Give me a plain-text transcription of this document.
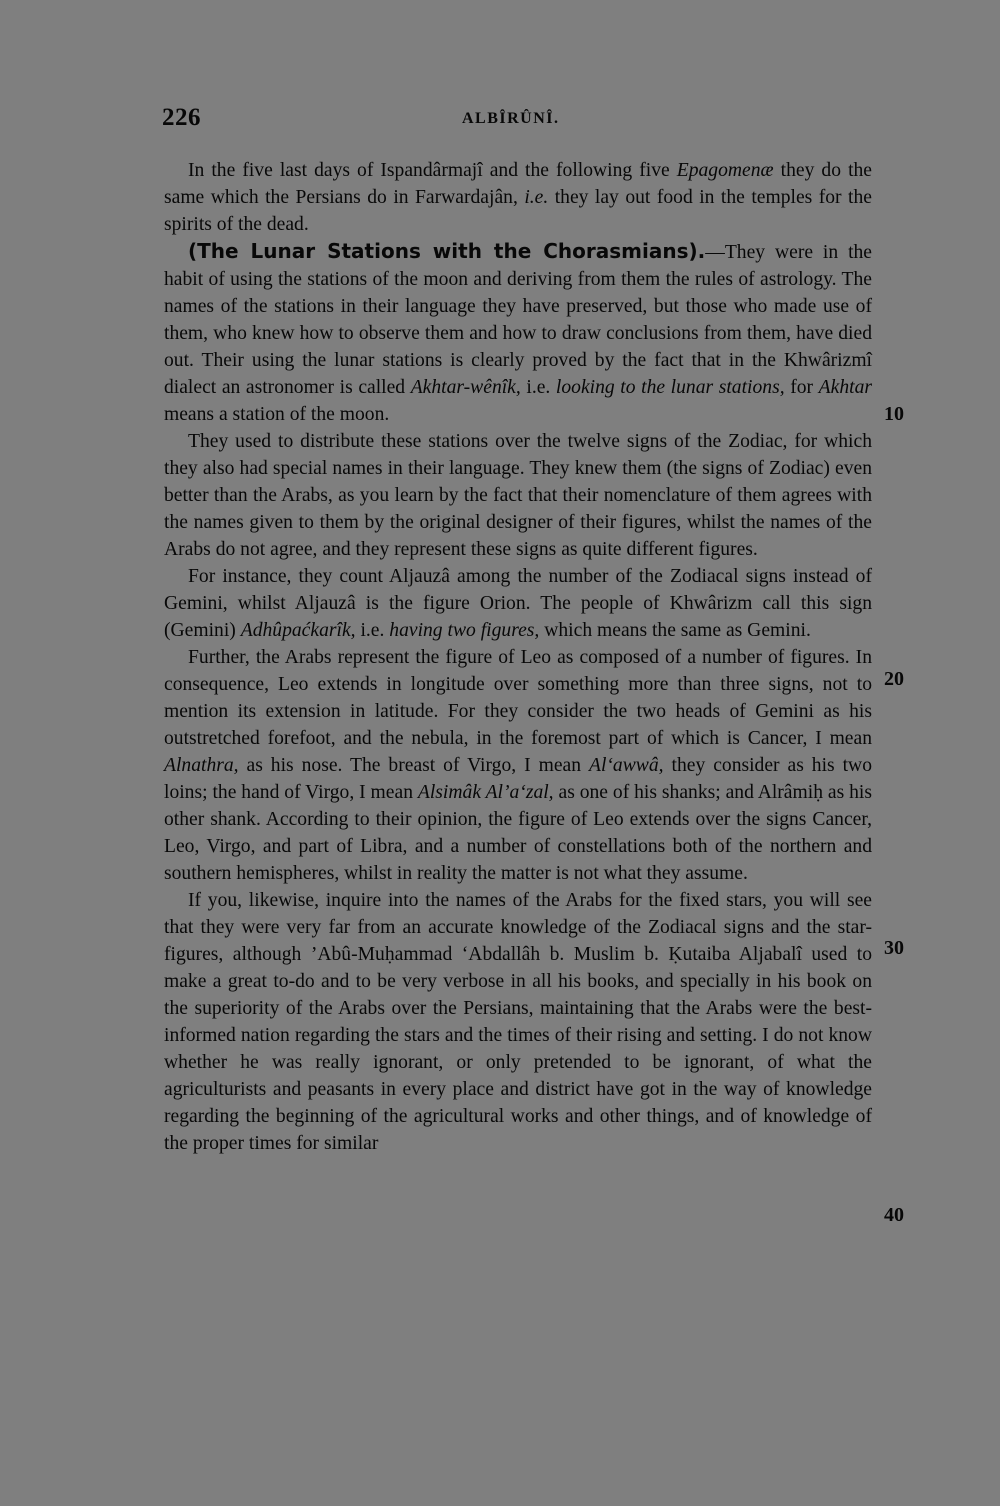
226	ALBÎRÛNÎ.

In the five last days of Ispandârmajî and the following five Epagomenæ they do the same which the Persians do in Farwardajân, i.e. they lay out food in the temples for the spirits of the dead.

(The Lunar Stations with the Chorasmians).—They were in the habit of using the stations of the moon and deriving from them the rules of astrology. The names of the stations in their language they have preserved, but those who made use of them, who knew how to observe them and how to draw conclusions from them, have died out. Their using the lunar stations is clearly proved by the fact that in the Khwârizmî dialect an astronomer is called Akhtar-wênîk, i.e. looking to the lunar stations, for Akhtar means a station of the moon.

They used to distribute these stations over the twelve signs of the Zodiac, for which they also had special names in their language. They knew them (the signs of Zodiac) even better than the Arabs, as you learn by the fact that their nomenclature of them agrees with the names given to them by the original designer of their figures, whilst the names of the Arabs do not agree, and they represent these signs as quite different figures.

For instance, they count Aljauzâ among the number of the Zodiacal signs instead of Gemini, whilst Aljauzâ is the figure Orion. The people of Khwârizm call this sign (Gemini) Adhûpaćkarîk, i.e. having two figures, which means the same as Gemini.

Further, the Arabs represent the figure of Leo as composed of a number of figures. In consequence, Leo extends in longitude over something more than three signs, not to mention its extension in latitude. For they consider the two heads of Gemini as his outstretched forefoot, and the nebula, in the foremost part of which is Cancer, I mean Alnathra, as his nose. The breast of Virgo, I mean Al‘awwâ, they consider as his two loins; the hand of Virgo, I mean Alsimâk Al’a‘zal, as one of his shanks; and Alrâmiḥ as his other shank. According to their opinion, the figure of Leo extends over the signs Cancer, Leo, Virgo, and part of Libra, and a number of constellations both of the northern and southern hemispheres, whilst in reality the matter is not what they assume.

If you, likewise, inquire into the names of the Arabs for the fixed stars, you will see that they were very far from an accurate knowledge of the Zodiacal signs and the star-figures, although ’Abû-Muḥammad ‘Abdallâh b. Muslim b. Ḳutaiba Aljabalî used to make a great to-do and to be very verbose in all his books, and specially in his book on the superiority of the Arabs over the Persians, maintaining that the Arabs were the best-informed nation regarding the stars and the times of their rising and setting. I do not know whether he was really ignorant, or only pretended to be ignorant, of what the agriculturists and peasants in every place and district have got in the way of knowledge regarding the beginning of the agricultural works and other things, and of knowledge of the proper times for similar

10
20
30
40
